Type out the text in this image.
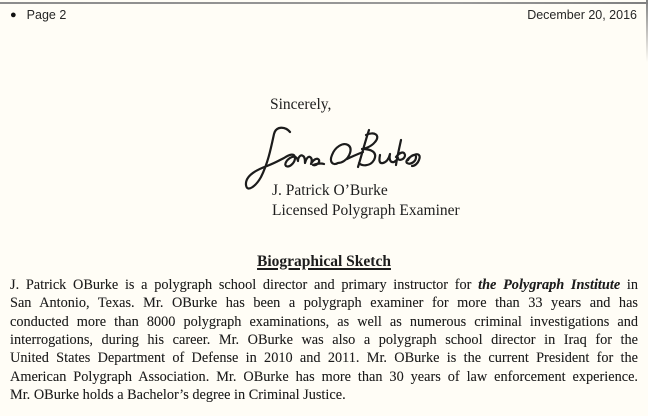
● Page 2	December 20, 2016
Sincerely,
J. Patrick O’Burke
Licensed Polygraph Examiner
Biographical Sketch
J. Patrick OBurke is a polygraph school director and primary instructor for the Polygraph Institute in
San Antonio, Texas. Mr. OBurke has been a polygraph examiner for more than 33 years and has
conducted more than 8000 polygraph examinations, as well as numerous criminal investigations and
interrogations, during his career. Mr. OBurke was also a polygraph school director in Iraq for the
United States Department of Defense in 2010 and 2011. Mr. OBurke is the current President for the
American Polygraph Association. Mr. OBurke has more than 30 years of law enforcement experience.
Mr. OBurke holds a Bachelor’s degree in Criminal Justice.
